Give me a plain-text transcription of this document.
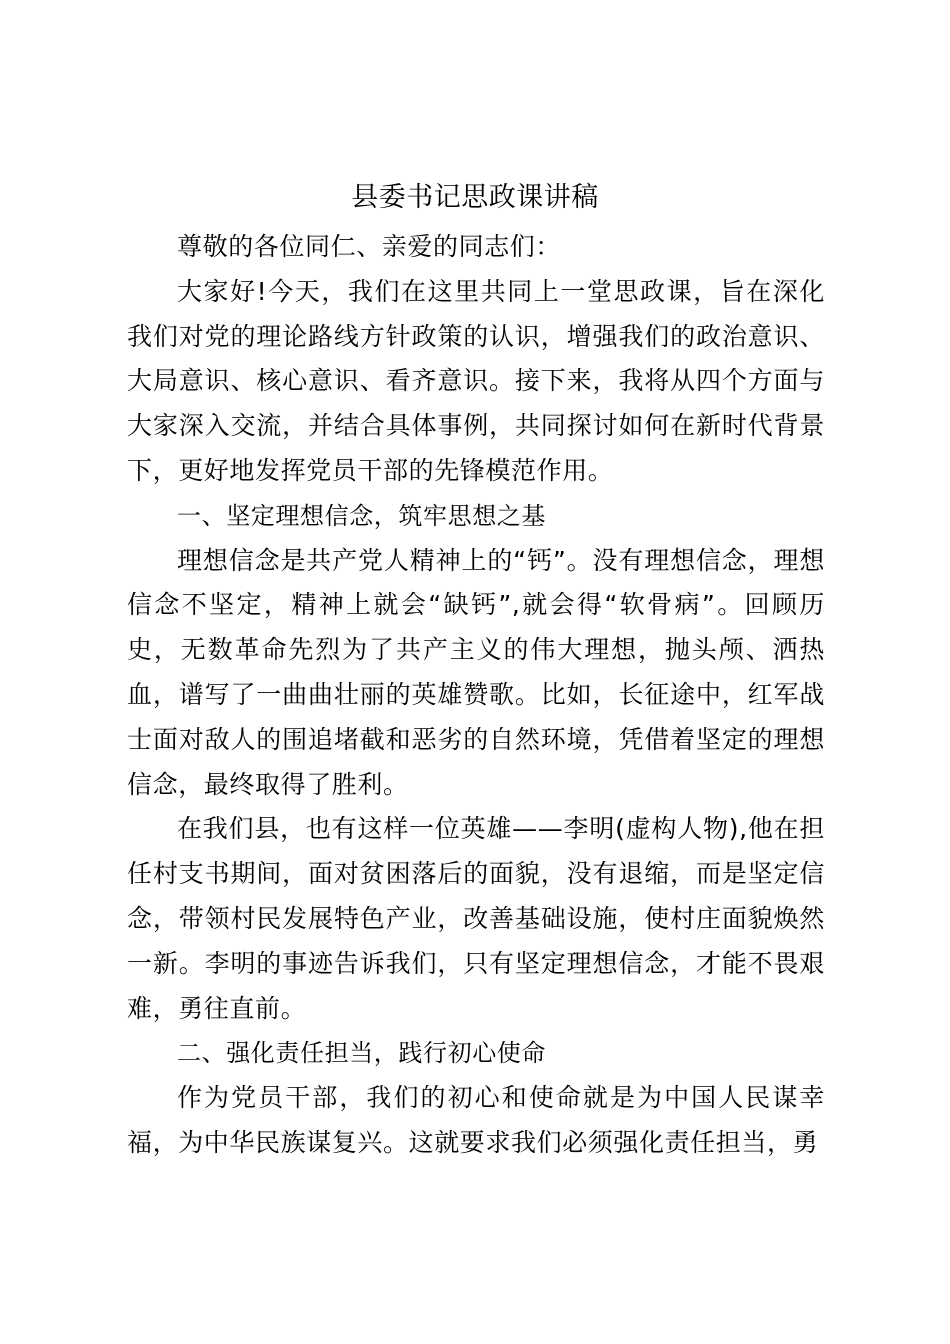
县委书记思政课讲稿

尊敬的各位同仁、亲爱的同志们：

大家好!今天，我们在这里共同上一堂思政课，旨在深化我们对党的理论路线方针政策的认识，增强我们的政治意识、大局意识、核心意识、看齐意识。接下来，我将从四个方面与大家深入交流，并结合具体事例，共同探讨如何在新时代背景下，更好地发挥党员干部的先锋模范作用。

一、坚定理想信念，筑牢思想之基

理想信念是共产党人精神上的“钙”。没有理想信念，理想信念不坚定，精神上就会“缺钙”,就会得“软骨病”。回顾历史，无数革命先烈为了共产主义的伟大理想，抛头颅、洒热血，谱写了一曲曲壮丽的英雄赞歌。比如，长征途中，红军战士面对敌人的围追堵截和恶劣的自然环境，凭借着坚定的理想信念，最终取得了胜利。

在我们县，也有这样一位英雄——李明(虚构人物),他在担任村支书期间，面对贫困落后的面貌，没有退缩，而是坚定信念，带领村民发展特色产业，改善基础设施，使村庄面貌焕然一新。李明的事迹告诉我们，只有坚定理想信念，才能不畏艰难，勇往直前。

二、强化责任担当，践行初心使命

作为党员干部，我们的初心和使命就是为中国人民谋幸福，为中华民族谋复兴。这就要求我们必须强化责任担当，勇
